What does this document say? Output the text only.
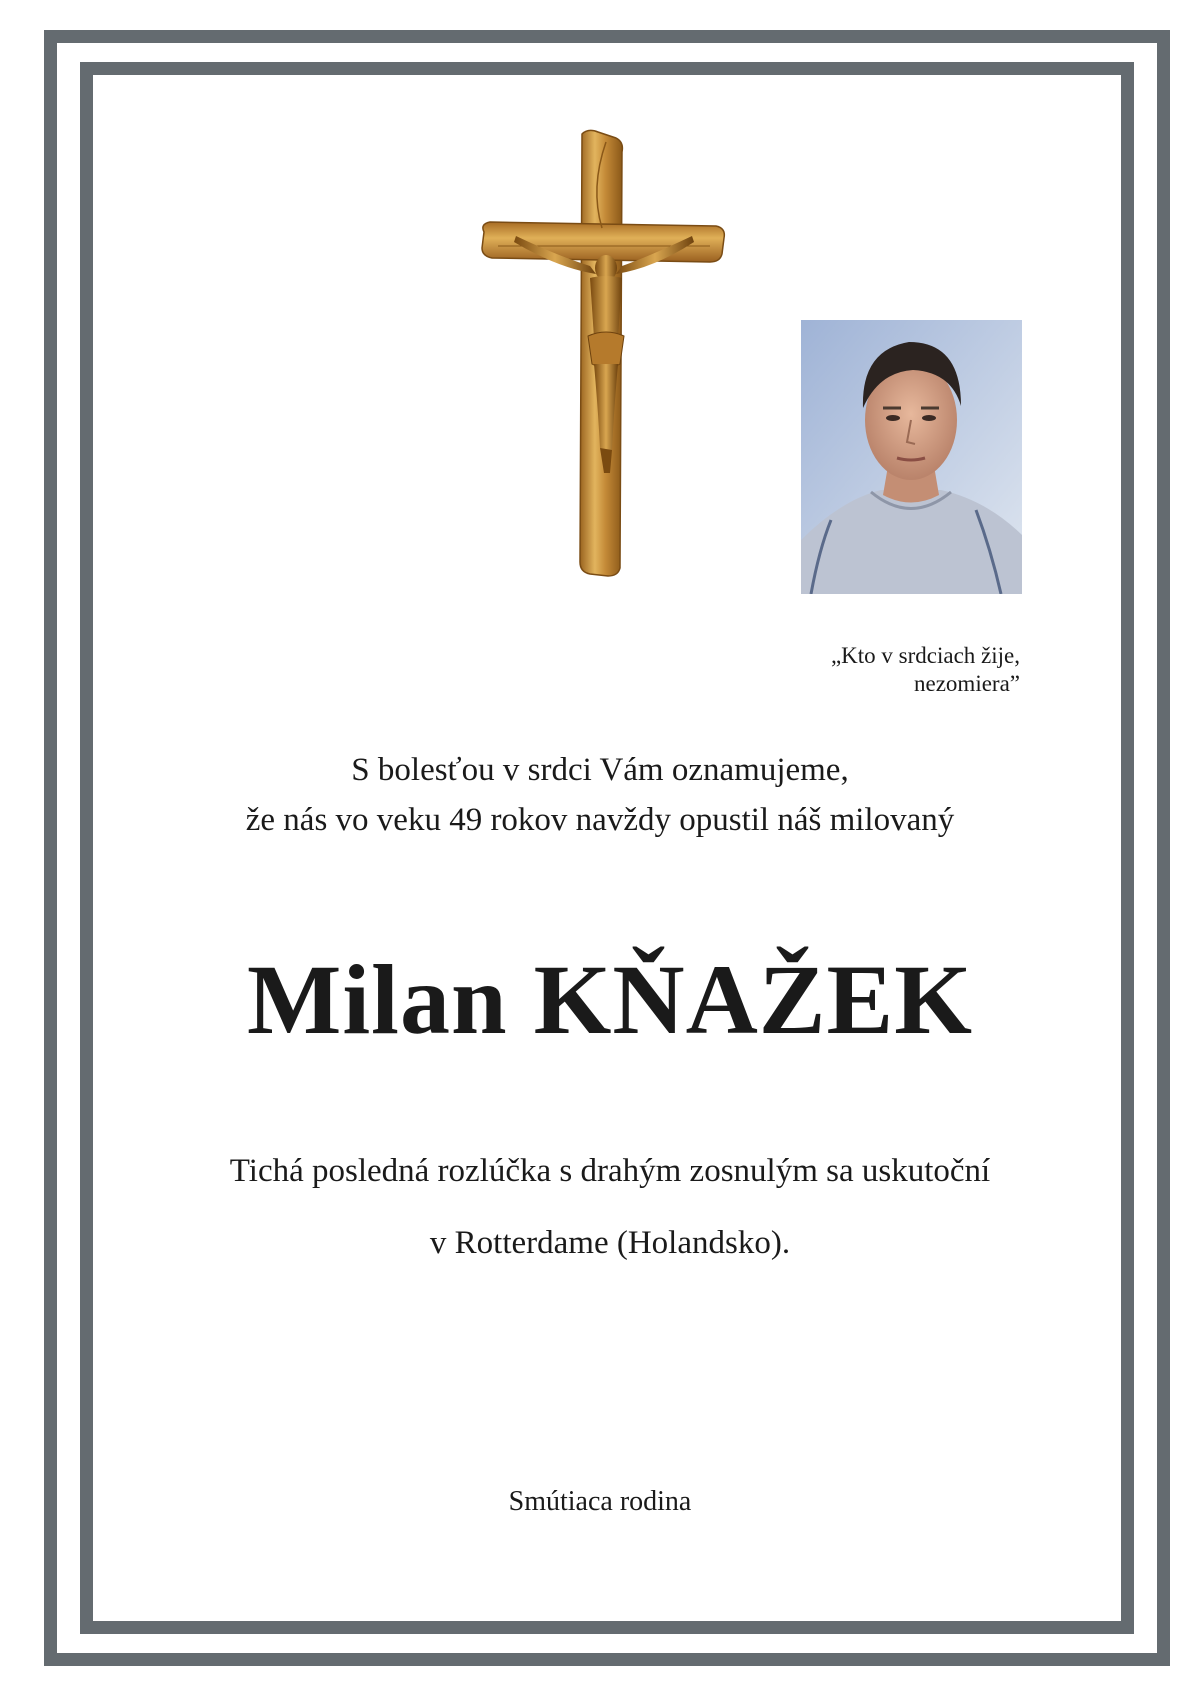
„Kto v srdciach žije,
nezomiera”
S bolesťou v srdci Vám oznamujeme,
že nás vo veku 49 rokov navždy opustil náš milovaný
Milan KŇAŽEK
Tichá posledná rozlúčka s drahým zosnulým sa uskutoční
v Rotterdame (Holandsko).
Smútiaca rodina
